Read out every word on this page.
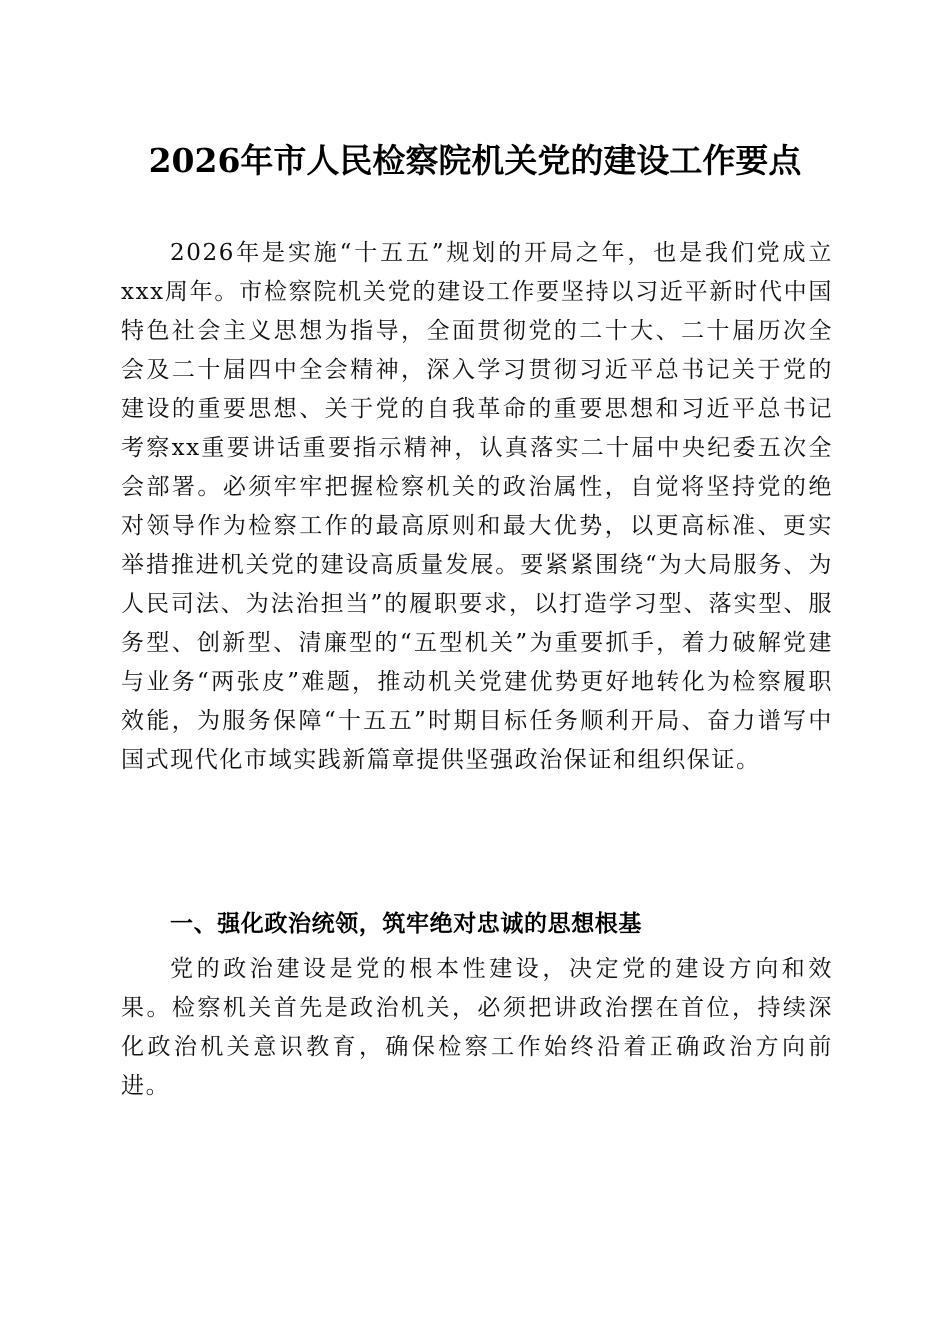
2026年市人民检察院机关党的建设工作要点

2026年是实施“十五五”规划的开局之年，也是我们党成立xxx周年。市检察院机关党的建设工作要坚持以习近平新时代中国特色社会主义思想为指导，全面贯彻党的二十大、二十届历次全会及二十届四中全会精神，深入学习贯彻习近平总书记关于党的建设的重要思想、关于党的自我革命的重要思想和习近平总书记考察xx重要讲话重要指示精神，认真落实二十届中央纪委五次全会部署。必须牢牢把握检察机关的政治属性，自觉将坚持党的绝对领导作为检察工作的最高原则和最大优势，以更高标准、更实举措推进机关党的建设高质量发展。要紧紧围绕“为大局服务、为人民司法、为法治担当”的履职要求，以打造学习型、落实型、服务型、创新型、清廉型的“五型机关”为重要抓手，着力破解党建与业务“两张皮”难题，推动机关党建优势更好地转化为检察履职效能，为服务保障“十五五”时期目标任务顺利开局、奋力谱写中国式现代化市域实践新篇章提供坚强政治保证和组织保证。

一、强化政治统领，筑牢绝对忠诚的思想根基

党的政治建设是党的根本性建设，决定党的建设方向和效果。检察机关首先是政治机关，必须把讲政治摆在首位，持续深化政治机关意识教育，确保检察工作始终沿着正确政治方向前进。
